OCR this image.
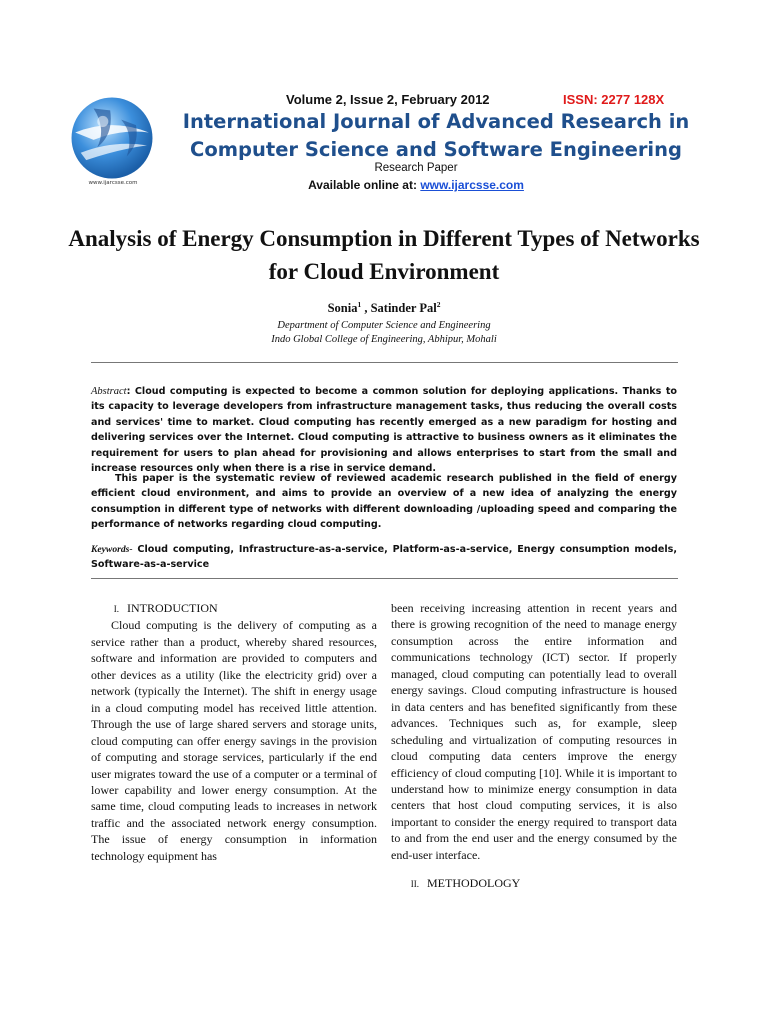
www.ijarcsse.com
Volume 2, Issue 2, February 2012	ISSN: 2277 128X
International Journal of Advanced Research in Computer Science and Software Engineering
Research Paper
Available online at: www.ijarcsse.com
Analysis of Energy Consumption in Different Types of Networks for Cloud Environment
Sonia$^1$ , Satinder Pal$^2$
Department of Computer Science and Engineering
Indo Global College of Engineering, Abhipur, Mohali
Abstract: Cloud computing is expected to become a common solution for deploying applications. Thanks to its capacity to leverage developers from infrastructure management tasks, thus reducing the overall costs and services' time to market. Cloud computing has recently emerged as a new paradigm for hosting and delivering services over the Internet. Cloud computing is attractive to business owners as it eliminates the requirement for users to plan ahead for provisioning and allows enterprises to start from the small and increase resources only when there is a rise in service demand.
This paper is the systematic review of reviewed academic research published in the field of energy efficient cloud environment, and aims to provide an overview of a new idea of analyzing the energy consumption in different type of networks with different downloading /uploading speed and comparing the performance of networks regarding cloud computing.
Keywords- Cloud computing, Infrastructure-as-a-service, Platform-as-a-service, Energy consumption models, Software-as-a-service

I. INTRODUCTION

Cloud computing is the delivery of computing as a service rather than a product, whereby shared resources, software and information are provided to computers and other devices as a utility (like the electricity grid) over a network (typically the Internet). The shift in energy usage in a cloud computing model has received little attention. Through the use of large shared servers and storage units, cloud computing can offer energy savings in the provision of computing and storage services, particularly if the end user migrates toward the use of a computer or a terminal of lower capability and lower energy consumption. At the same time, cloud computing leads to increases in network traffic and the associated network energy consumption. The issue of energy consumption in information technology equipment has

been receiving increasing attention in recent years and there is growing recognition of the need to manage energy consumption across the entire information and communications technology (ICT) sector. If properly managed, cloud computing can potentially lead to overall energy savings. Cloud computing infrastructure is housed in data centers and has benefited significantly from these advances. Techniques such as, for example, sleep scheduling and virtualization of computing resources in cloud computing data centers improve the energy efficiency of cloud computing [10]. While it is important to understand how to minimize energy consumption in data centers that host cloud computing services, it is also important to consider the energy required to transport data to and from the end user and the energy consumed by the end-user interface.

II. METHODOLOGY
